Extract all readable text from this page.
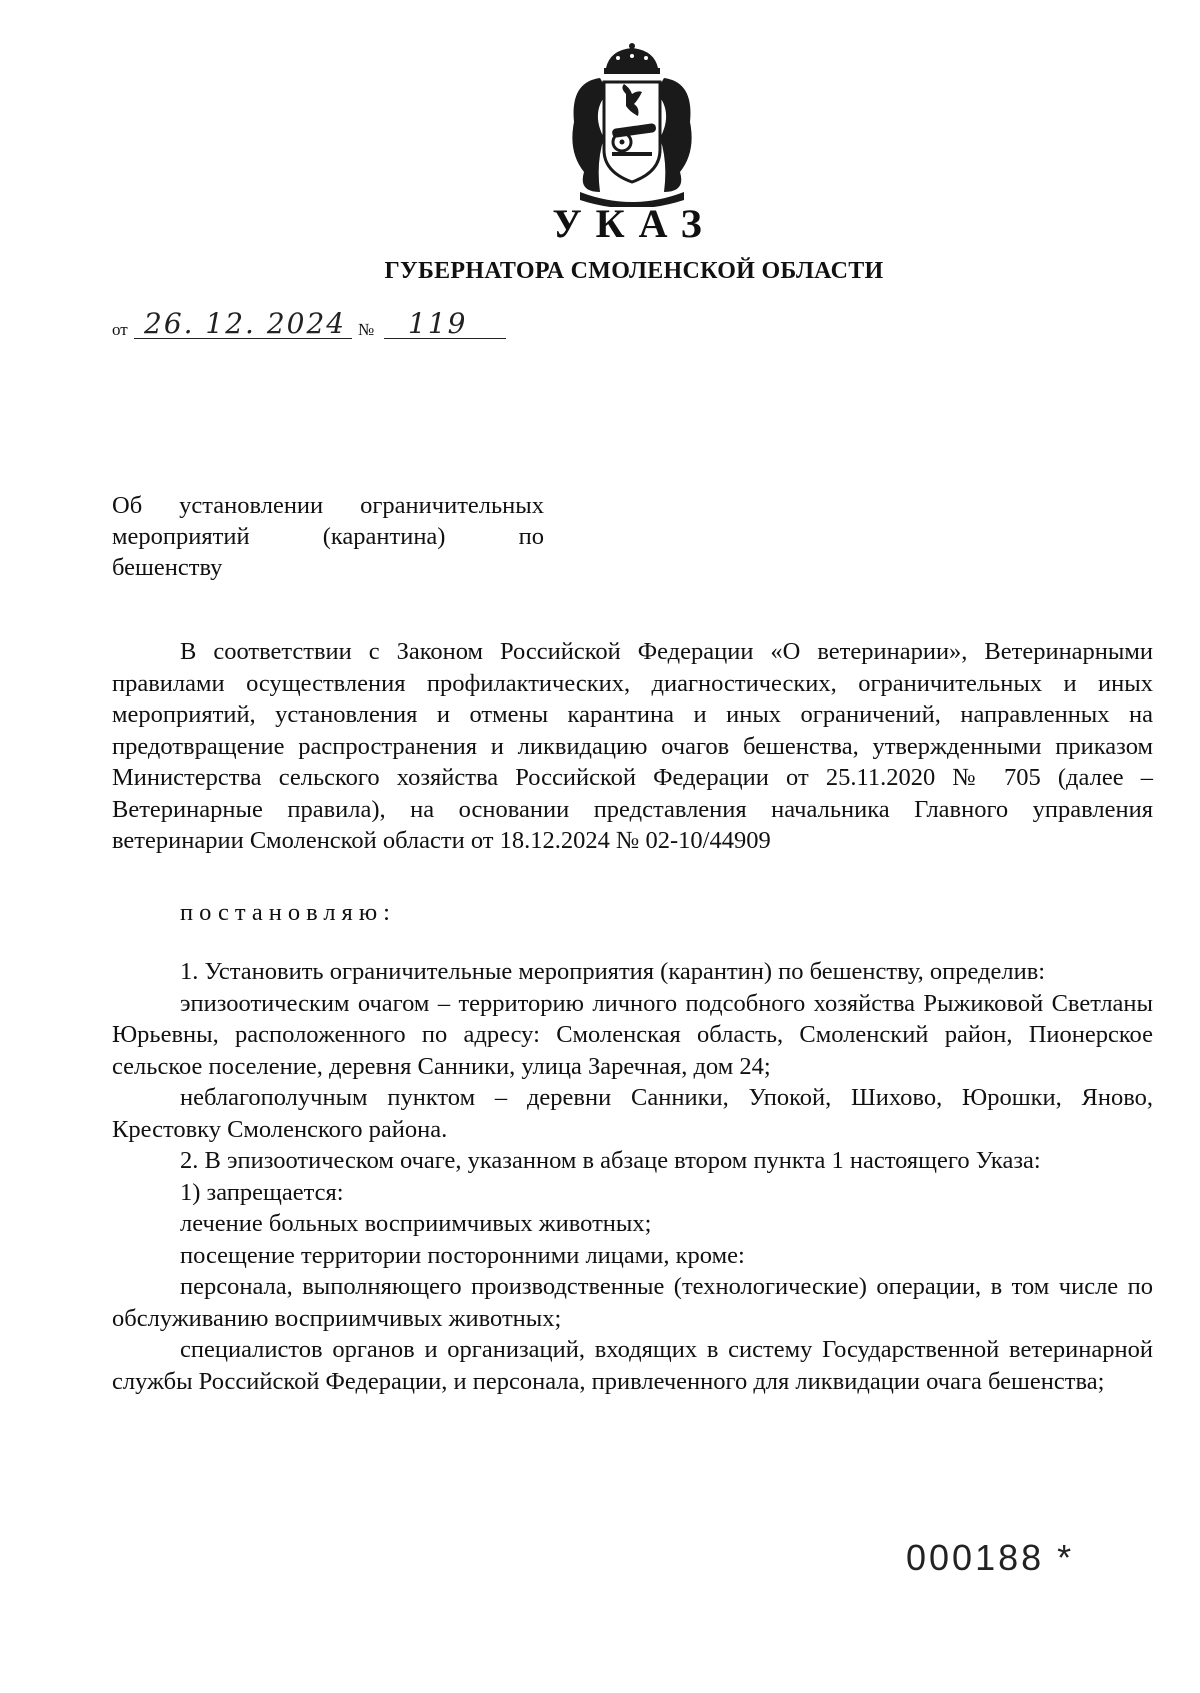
УКАЗ
ГУБЕРНАТОРА СМОЛЕНСКОЙ ОБЛАСТИ
от 26. 12. 2024 № 119
Об установлении ограничительных
мероприятий (карантина) по
бешенству

В соответствии с Законом Российской Федерации «О ветеринарии», Ветеринарными правилами осуществления профилактических, диагностических, ограничительных и иных мероприятий, установления и отмены карантина и иных ограничений, направленных на предотвращение распространения и ликвидацию очагов бешенства, утвержденными приказом Министерства сельского хозяйства Российской Федерации от 25.11.2020 № 705 (далее – Ветеринарные правила), на основании представления начальника Главного управления ветеринарии Смоленской области от 18.12.2024 № 02-10/44909

постановляю:

1. Установить ограничительные мероприятия (карантин) по бешенству, определив:

эпизоотическим очагом – территорию личного подсобного хозяйства Рыжиковой Светланы Юрьевны, расположенного по адресу: Смоленская область, Смоленский район, Пионерское сельское поселение, деревня Санники, улица Заречная, дом 24;

неблагополучным пунктом – деревни Санники, Упокой, Шихово, Юрошки, Яново, Крестовку Смоленского района.

2. В эпизоотическом очаге, указанном в абзаце втором пункта 1 настоящего Указа:

1) запрещается:

лечение больных восприимчивых животных;

посещение территории посторонними лицами, кроме:

персонала, выполняющего производственные (технологические) операции, в том числе по обслуживанию восприимчивых животных;

специалистов органов и организаций, входящих в систему Государственной ветеринарной службы Российской Федерации, и персонала, привлеченного для ликвидации очага бешенства;

000188 *
